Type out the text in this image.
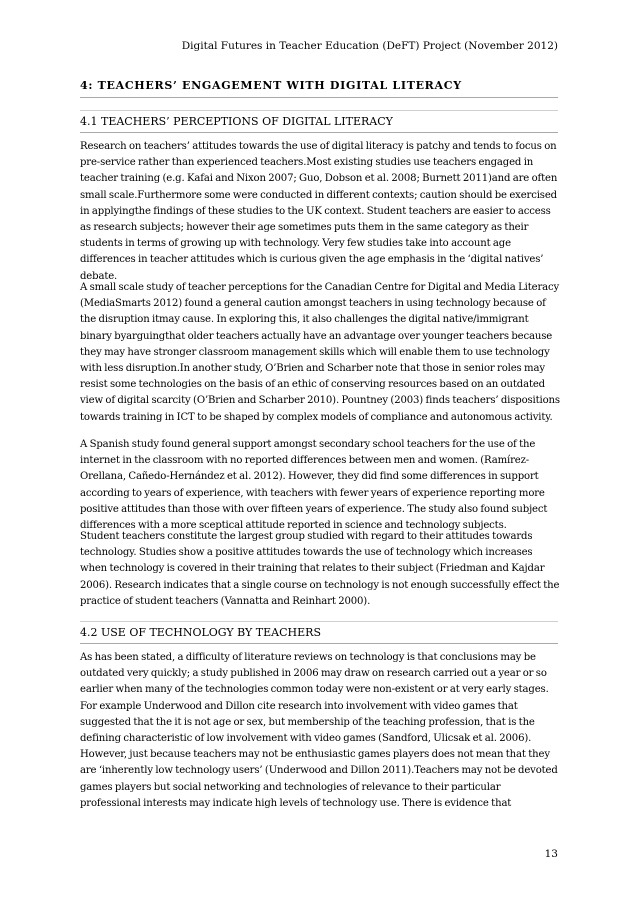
Digital Futures in Teacher Education (DeFT) Project (November 2012)
4: TEACHERS’ ENGAGEMENT WITH DIGITAL LITERACY
4.1 TEACHERS’ PERCEPTIONS OF DIGITAL LITERACY

Research on teachers’ attitudes towards the use of digital literacy is patchy and tends to focus on pre-service rather than experienced teachers.Most existing studies use teachers engaged in teacher training (e.g. Kafai and Nixon 2007; Guo, Dobson et al. 2008; Burnett 2011)and are often small scale.Furthermore some were conducted in different contexts; caution should be exercised in applyingthe findings of these studies to the UK context. Student teachers are easier to access as research subjects; however their age sometimes puts them in the same category as their students in terms of growing up with technology. Very few studies take into account age differences in teacher attitudes which is curious given the age emphasis in the ‘digital natives’ debate.

A small scale study of teacher perceptions for the Canadian Centre for Digital and Media Literacy (MediaSmarts 2012) found a general caution amongst teachers in using technology because of the disruption itmay cause. In exploring this, it also challenges the digital native/immigrant binary byarguingthat older teachers actually have an advantage over younger teachers because they may have stronger classroom management skills which will enable them to use technology with less disruption.In another study, O’Brien and Scharber note that those in senior roles may resist some technologies on the basis of an ethic of conserving resources based on an outdated view of digital scarcity (O’Brien and Scharber 2010). Pountney (2003) finds teachers’ dispositions towards training in ICT to be shaped by complex models of compliance and autonomous activity.

A Spanish study found general support amongst secondary school teachers for the use of the internet in the classroom with no reported differences between men and women. (Ramírez-Orellana, Cañedo-Hernández et al. 2012). However, they did find some differences in support according to years of experience, with teachers with fewer years of experience reporting more positive attitudes than those with over fifteen years of experience. The study also found subject differences with a more sceptical attitude reported in science and technology subjects.

Student teachers constitute the largest group studied with regard to their attitudes towards technology. Studies show a positive attitudes towards the use of technology which increases when technology is covered in their training that relates to their subject (Friedman and Kajdar 2006). Research indicates that a single course on technology is not enough successfully effect the practice of student teachers (Vannatta and Reinhart 2000).

4.2 USE OF TECHNOLOGY BY TEACHERS

As has been stated, a difficulty of literature reviews on technology is that conclusions may be outdated very quickly; a study published in 2006 may draw on research carried out a year or so earlier when many of the technologies common today were non-existent or at very early stages. For example Underwood and Dillon cite research into involvement with video games that suggested that the it is not age or sex, but membership of the teaching profession, that is the defining characteristic of low involvement with video games (Sandford, Ulicsak et al. 2006). However, just because teachers may not be enthusiastic games players does not mean that they are ‘inherently low technology users’ (Underwood and Dillon 2011).Teachers may not be devoted games players but social networking and technologies of relevance to their particular professional interests may indicate high levels of technology use. There is evidence that

13
